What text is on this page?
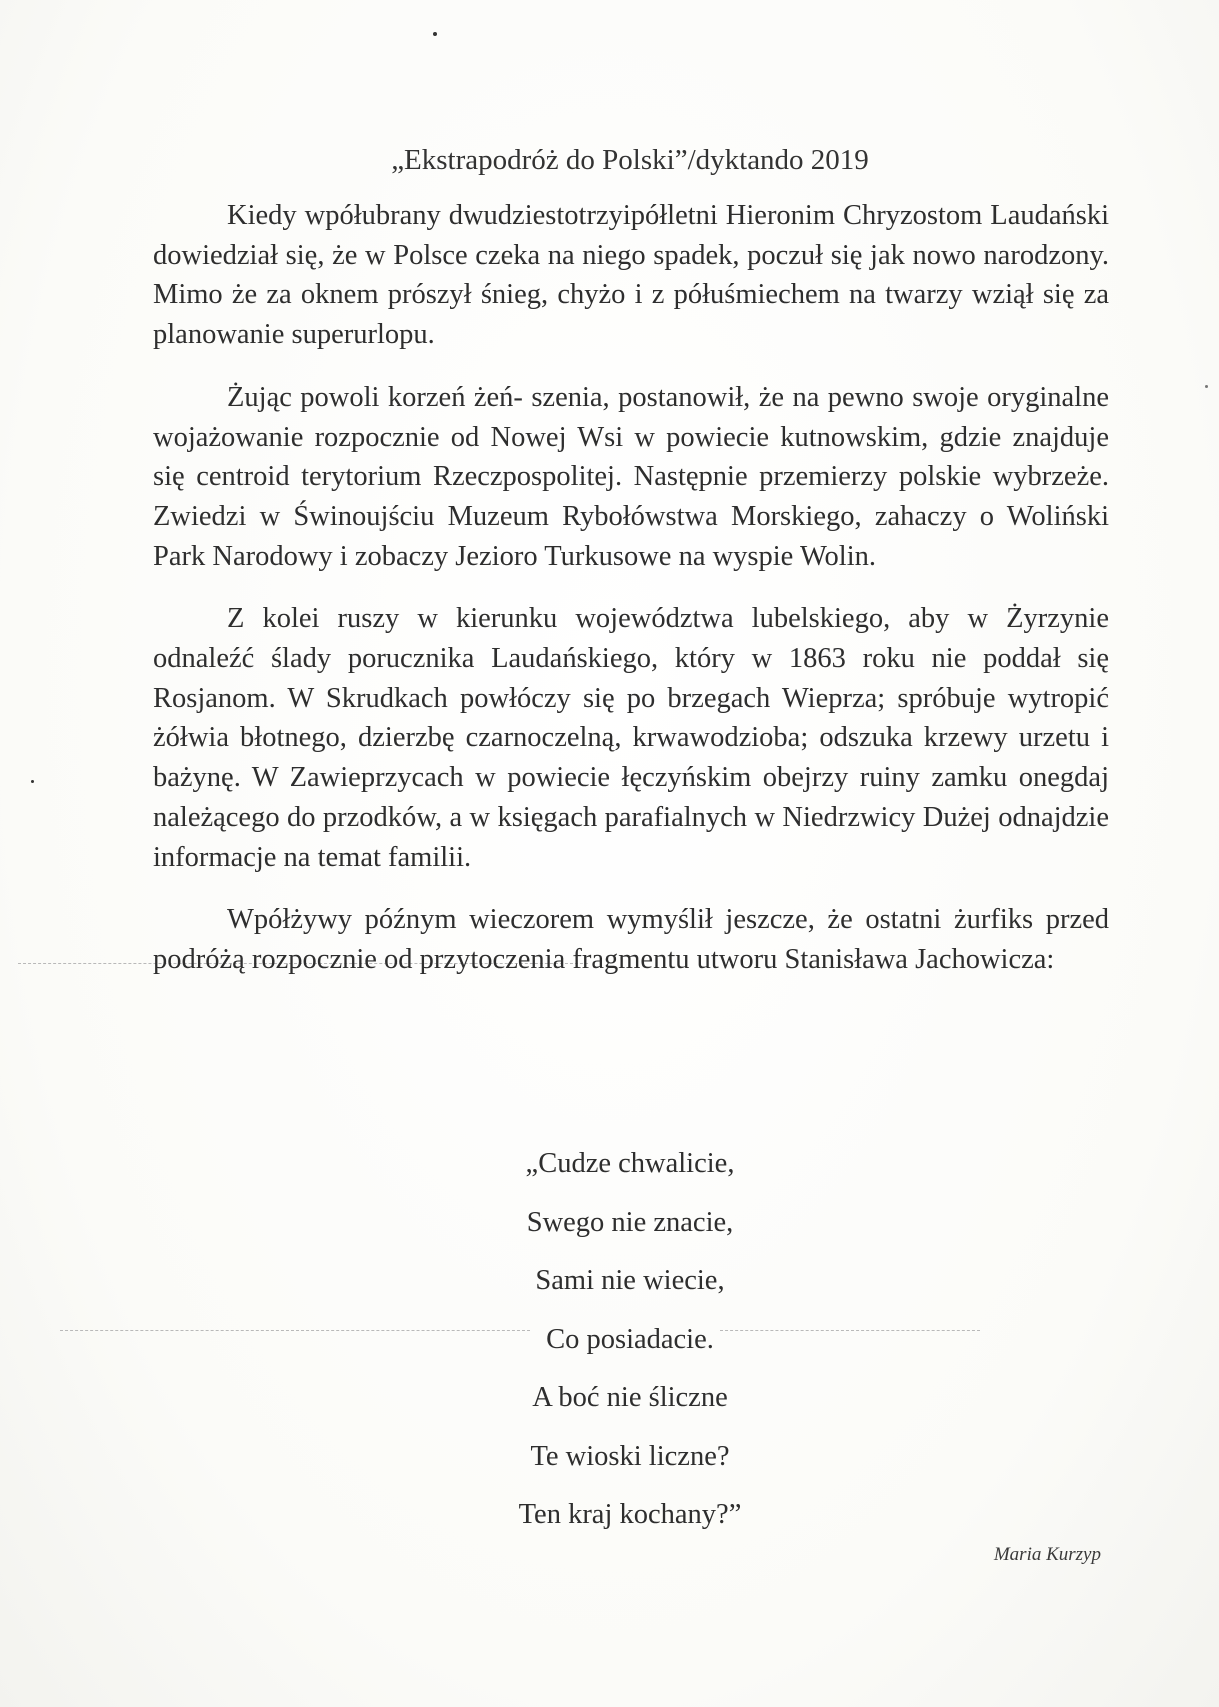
„Ekstrapodróż do Polski”/dyktando 2019

Kiedy wpółubrany dwudziestotrzyipółletni Hieronim Chryzostom Laudański dowiedział się, że w Polsce czeka na niego spadek, poczuł się jak nowo narodzony. Mimo że za oknem prószył śnieg, chyżo i z półuśmiechem na twarzy wziął się za planowanie superurlopu.

Żując powoli korzeń żeń- szenia, postanowił, że na pewno swoje oryginalne wojażowanie rozpocznie od Nowej Wsi w powiecie kutnowskim, gdzie znajduje się centroid terytorium Rzeczpospolitej. Następnie przemierzy polskie wybrzeże. Zwiedzi w Świnoujściu Muzeum Rybołówstwa Morskiego, zahaczy o Woliński Park Narodowy i zobaczy Jezioro Turkusowe na wyspie Wolin.

Z kolei ruszy w kierunku województwa lubelskiego, aby w Żyrzynie odnaleźć ślady porucznika Laudańskiego, który w 1863 roku nie poddał się Rosjanom. W Skrudkach powłóczy się po brzegach Wieprza; spróbuje wytropić żółwia błotnego, dzierzbę czarnoczelną, krwawodzioba; odszuka krzewy urzetu i bażynę. W Zawieprzycach w powiecie łęczyńskim obejrzy ruiny zamku onegdaj należącego do przodków, a w księgach parafialnych w Niedrzwicy Dużej odnajdzie informacje na temat familii.

Wpółżywy późnym wieczorem wymyślił jeszcze, że ostatni żurfiks przed podróżą rozpocznie od przytoczenia fragmentu utworu Stanisława Jachowicza:

„Cudze chwalicie,
Swego nie znacie,
Sami nie wiecie,
Co posiadacie.
A boć nie śliczne
Te wioski liczne?
Ten kraj kochany?”
Maria Kurzyp
